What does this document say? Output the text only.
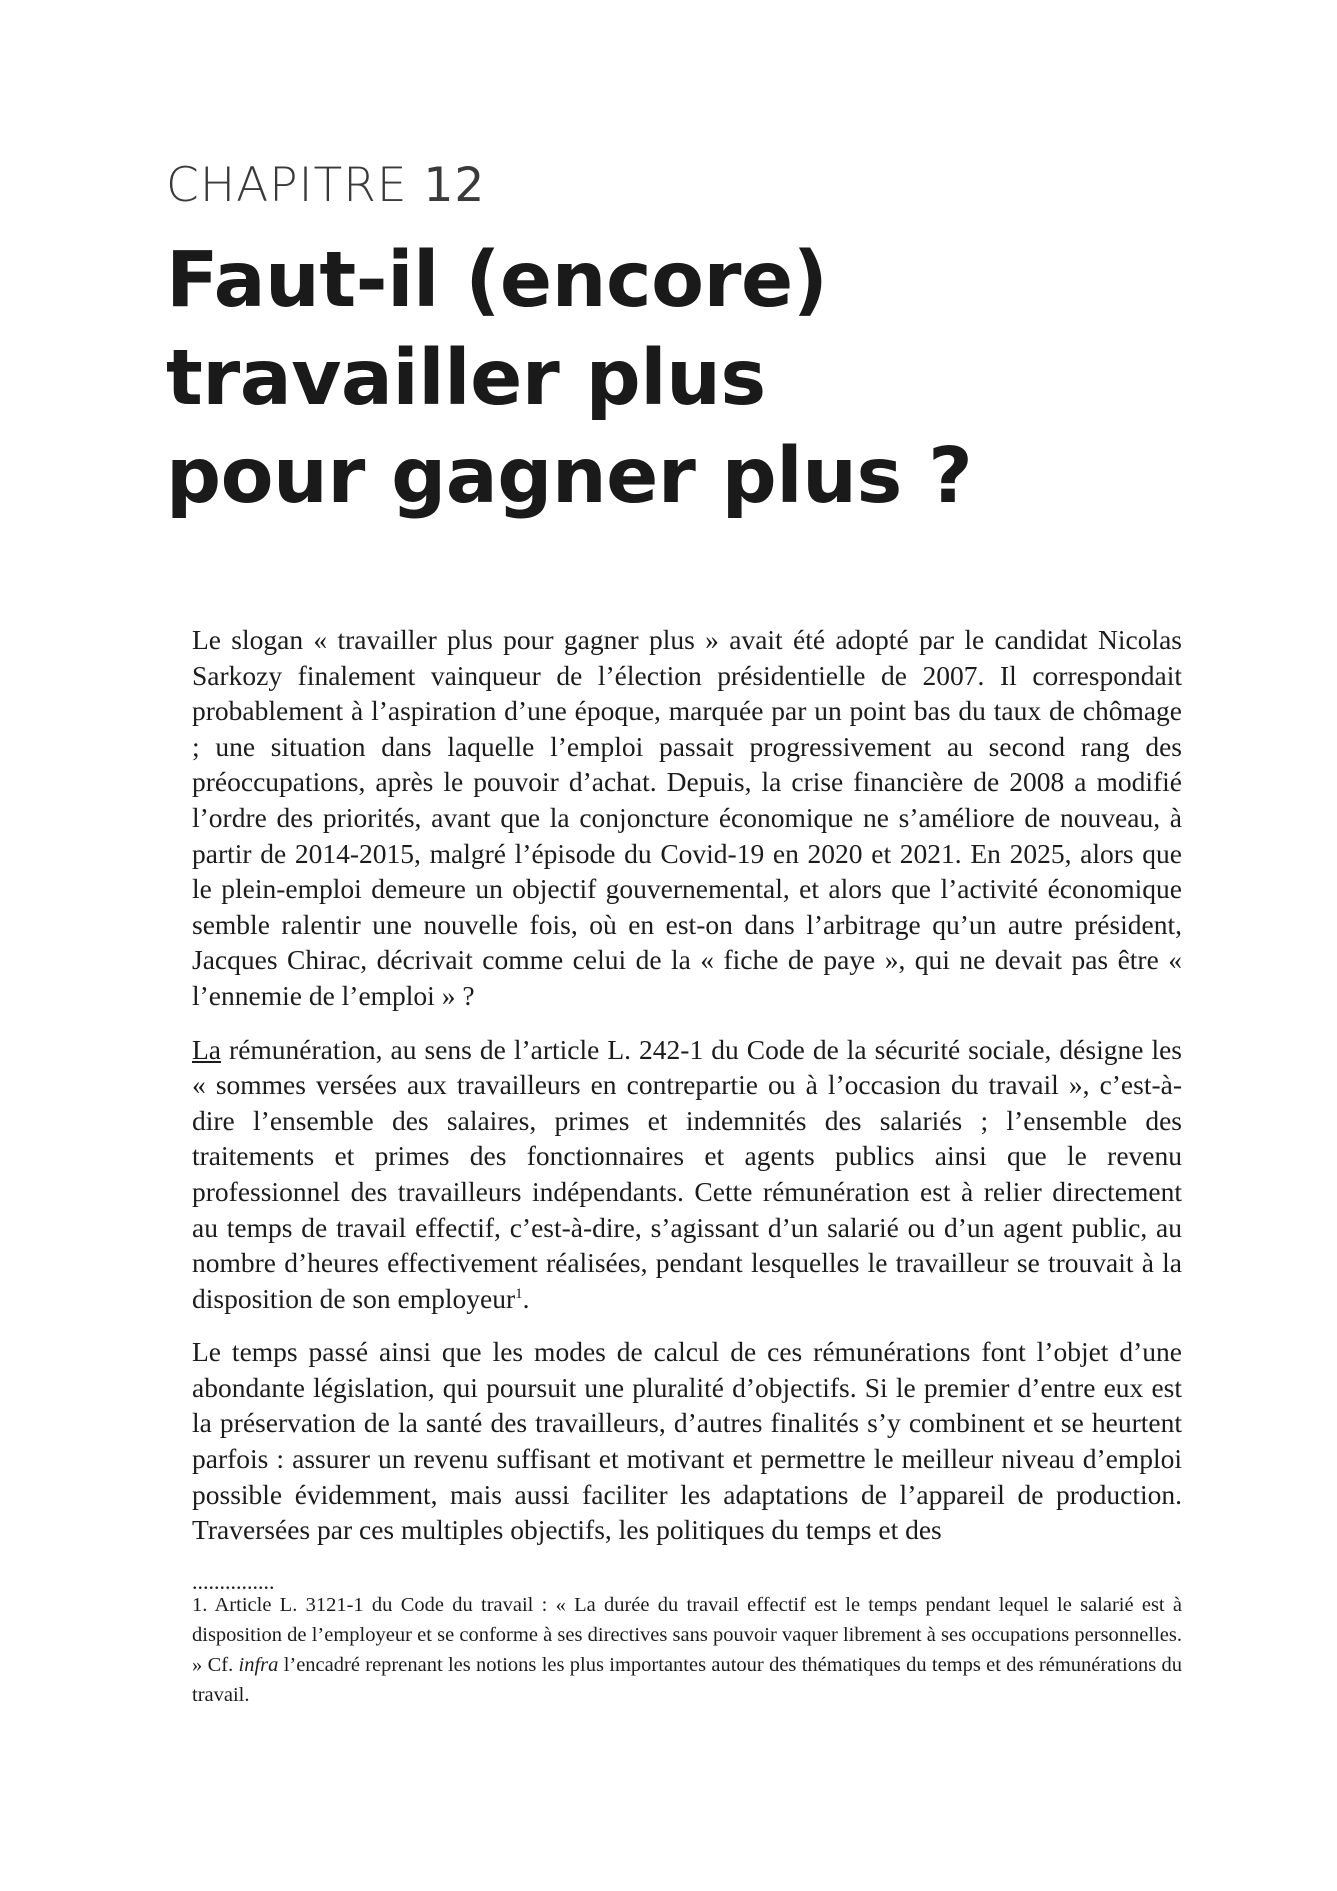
CHAPITRE 12
Faut-il (encore)
travailler plus
pour gagner plus ?

Le slogan « travailler plus pour gagner plus » avait été adopté par le candidat Nicolas Sarkozy finalement vainqueur de l’élection présidentielle de 2007. Il correspondait probablement à l’aspiration d’une époque, marquée par un point bas du taux de chômage ; une situation dans laquelle l’emploi passait progressivement au second rang des préoccupations, après le pouvoir d’achat. Depuis, la crise financière de 2008 a modifié l’ordre des priorités, avant que la conjoncture économique ne s’améliore de nouveau, à partir de 2014-2015, malgré l’épisode du Covid-19 en 2020 et 2021. En 2025, alors que le plein-emploi demeure un objectif gouvernemental, et alors que l’activité économique semble ralentir une nouvelle fois, où en est-on dans l’arbitrage qu’un autre président, Jacques Chirac, décrivait comme celui de la « fiche de paye », qui ne devait pas être « l’ennemie de l’emploi » ?

La rémunération, au sens de l’article L. 242-1 du Code de la sécurité sociale, désigne les « sommes versées aux travailleurs en contrepartie ou à l’occasion du travail », c’est-à-dire l’ensemble des salaires, primes et indemnités des salariés ; l’ensemble des traitements et primes des fonctionnaires et agents publics ainsi que le revenu professionnel des travailleurs indépendants. Cette rémunération est à relier directement au temps de travail effectif, c’est-à-dire, s’agissant d’un salarié ou d’un agent public, au nombre d’heures effectivement réalisées, pendant lesquelles le travailleur se trouvait à la disposition de son employeur$^1$.

Le temps passé ainsi que les modes de calcul de ces rémunérations font l’objet d’une abondante législation, qui poursuit une pluralité d’objectifs. Si le premier d’entre eux est la préservation de la santé des travailleurs, d’autres finalités s’y combinent et se heurtent parfois : assurer un revenu suffisant et motivant et permettre le meilleur niveau d’emploi possible évidemment, mais aussi faciliter les adaptations de l’appareil de production. Traversées par ces multiples objectifs, les politiques du temps et des

...............

1. Article L. 3121-1 du Code du travail : « La durée du travail effectif est le temps pendant lequel le salarié est à disposition de l’employeur et se conforme à ses directives sans pouvoir vaquer librement à ses occupations personnelles. » Cf. infra l’encadré reprenant les notions les plus importantes autour des thématiques du temps et des rémunérations du travail.
